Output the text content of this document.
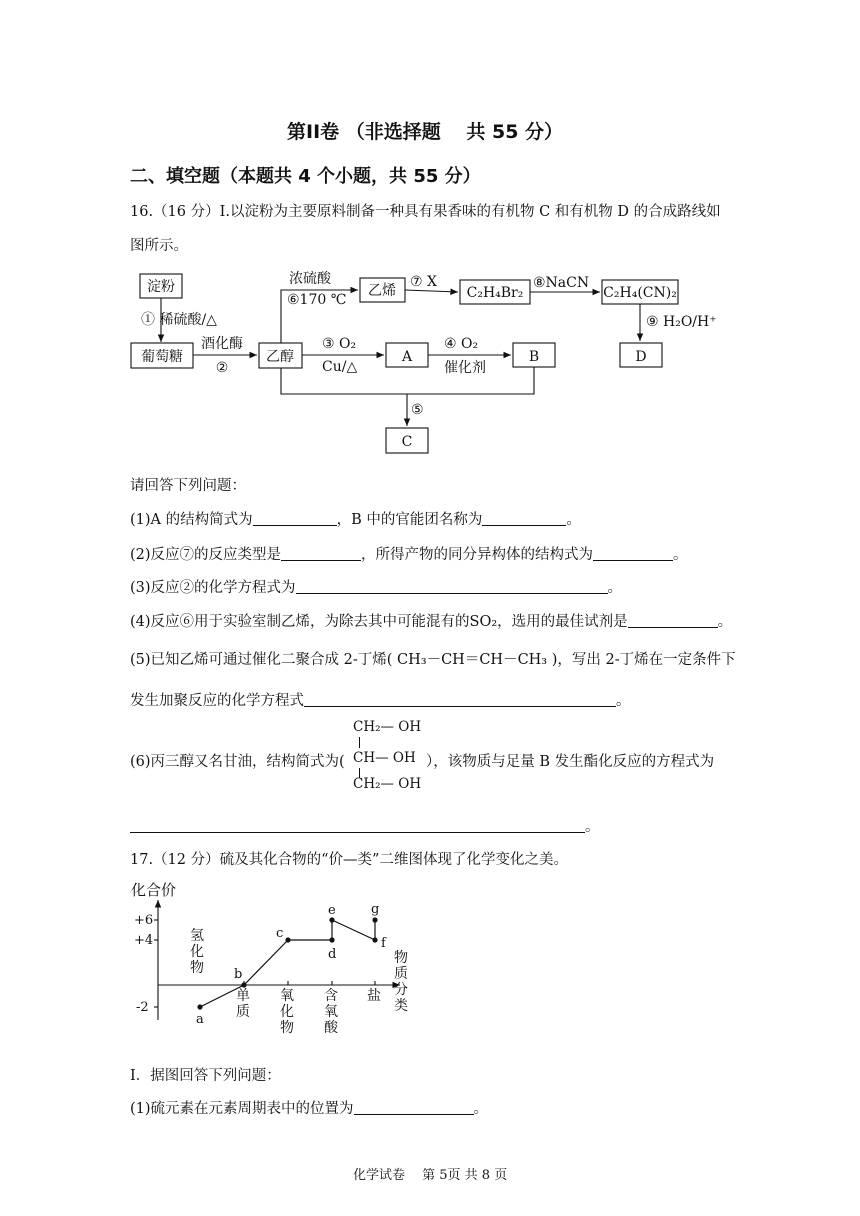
第II卷 （非选择题　 共 55 分）
二、填空题（本题共 4 个小题，共 55 分）
16.（16 分）I.以淀粉为主要原料制备一种具有果香味的有机物 C 和有机物 D 的合成路线如
图所示。
淀粉
① 稀硫酸/△
葡萄糖
酒化酶
②
乙醇
浓硫酸
⑥170 ℃
乙烯
⑦ X
C₂H₄Br₂
⑧NaCN
C₂H₄(CN)₂
⑨ H₂O/H⁺
D
③ O₂
Cu/△
A
④ O₂
催化剂
B
⑤
C
请回答下列问题：
(1)A 的结构简式为	，B 中的官能团名称为	。
(2)反应⑦的反应类型是	，所得产物的同分异构体的结构式为	。
(3)反应②的化学方程式为	。
(4)反应⑥用于实验室制乙烯，为除去其中可能混有的SO₂，选用的最佳试剂是	。
(5)已知乙烯可通过催化二聚合成 2-丁烯( CH₃－CH＝CH－CH₃ )，写出 2-丁烯在一定条件下
发生加聚反应的化学方程式	。
(6)丙三醇又名甘油，结构简式为(
CH₂— OH
CH— OH
CH₂— OH
），该物质与足量 B 发生酯化反应的方程式为
。
17.（12 分）硫及其化合物的“价—类”二维图体现了化学变化之美。
a
b
c
d
e
f
g
化合价
+6
+4
-2
氢化物
单质
氧化物
含氧酸
盐
物质分类
I．据图回答下列问题：
(1)硫元素在元素周期表中的位置为	。
化学试卷　 第 5页 共 8 页
